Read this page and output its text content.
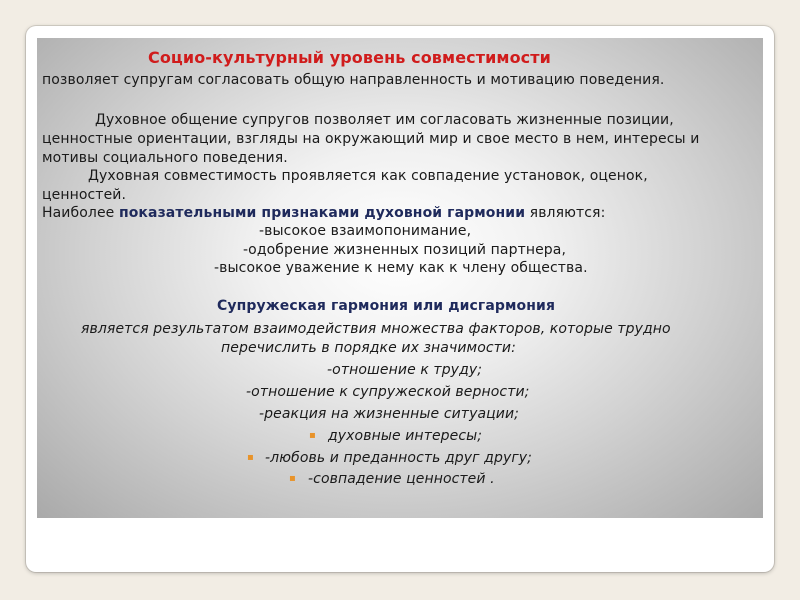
Социо-культурный уровень совместимости
позволяет супругам согласовать общую направленность и мотивацию поведения.
Духовное общение супругов позволяет им согласовать жизненные позиции,
ценностные ориентации, взгляды на окружающий мир и свое место в нем, интересы и
мотивы социального поведения.
Духовная совместимость проявляется как совпадение установок, оценок,
ценностей.
Наиболее показательными признаками духовной гармонии являются:
-высокое взаимопонимание,
-одобрение жизненных позиций партнера,
-высокое уважение к нему как к члену общества.
Супружеская гармония или дисгармония
является результатом взаимодействия множества факторов, которые трудно
перечислить в порядке их значимости:
-отношение к труду;
-отношение к супружеской верности;
-реакция на жизненные ситуации;
▪ духовные интересы;
▪ -любовь и преданность друг другу;
▪ -совпадение ценностей .
